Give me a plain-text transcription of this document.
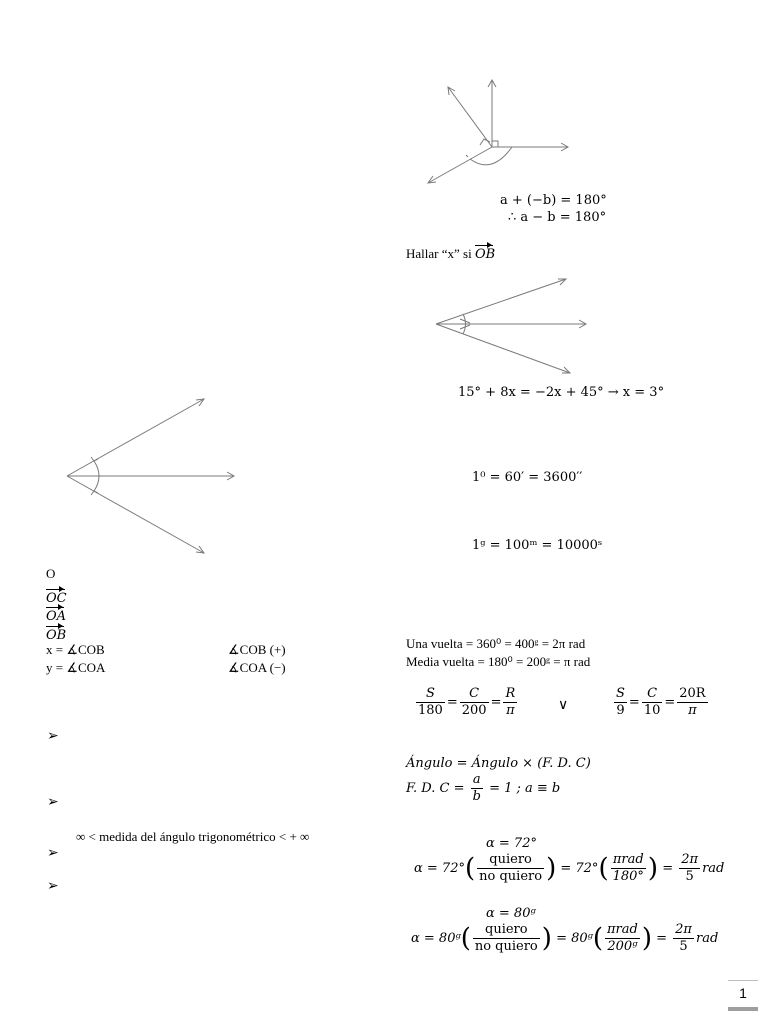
a + (−b) = 180°
∴ a − b = 180°
Hallar “x” si OB
15° + 8x = −2x + 45° → x = 3°
1⁰ = 60′ = 3600′′
1ᵍ = 100ᵐ = 10000ˢ
O
OC
OA
OB
x = ∡COB
y = ∡COA
∡COB (+)
∡COA (−)
Una vuelta = 360⁰ = 400ᵍ = 2π rad
Media vuelta = 180⁰ = 200ᵍ = π rad
$\frac{S}{180} = \frac{C}{200} = \frac{R}{\pi}$	∨	$\frac{S}{9} = \frac{C}{10} = \frac{20R}{\pi}$
Ángulo = Ángulo × (F. D. C)
F. D. $C = \frac{a}{b} = 1$ ; a ≡ b
➢
➢
∞ < medida del ángulo trigonométrico < + ∞
➢
➢
α = 72°
$\alpha = 72^\circ( \frac{\text{quiero}}{\text{no quiero}}$ ) = $72^\circ( \frac{\text{πrad}}{180^\circ}$ ) = $\frac{2\pi}{5}$ rad
α = 80ᵍ
α = 80ᵍ( $\frac{\text{quiero}}{\text{no quiero}}$ ) = 80ᵍ( $\frac{\text{πrad}}{\text{200ᵍ}}$ ) = $\frac{2\pi}{5}$ rad
1
